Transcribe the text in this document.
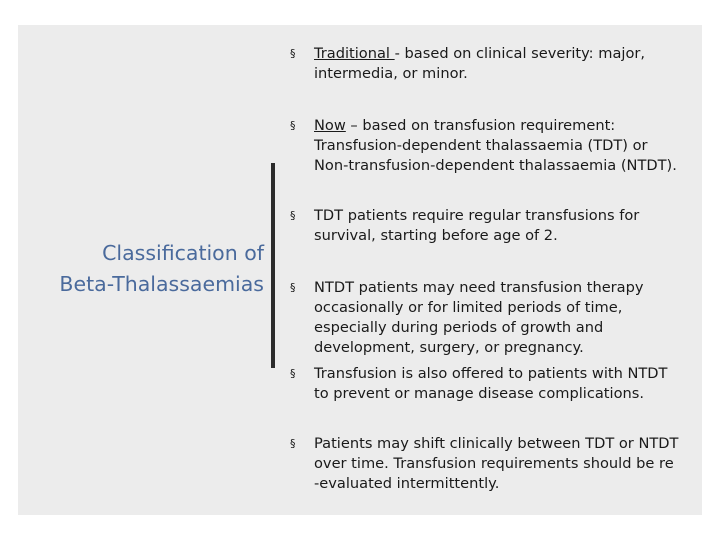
Classification of
Beta-Thalassaemias
§	Traditional - based on clinical severity: major,
intermedia, or minor.
§	Now – based on transfusion requirement:
Transfusion-dependent thalassaemia (TDT) or
Non-transfusion-dependent thalassaemia (NTDT).
§	TDT patients require regular transfusions for
survival, starting before age of 2.
§	NTDT patients may need transfusion therapy
occasionally or for limited periods of time,
especially during periods of growth and
development, surgery, or pregnancy.
§	Transfusion is also offered to patients with NTDT
to prevent or manage disease complications.
§	Patients may shift clinically between TDT or NTDT
over time. Transfusion requirements should be re
-evaluated intermittently.
